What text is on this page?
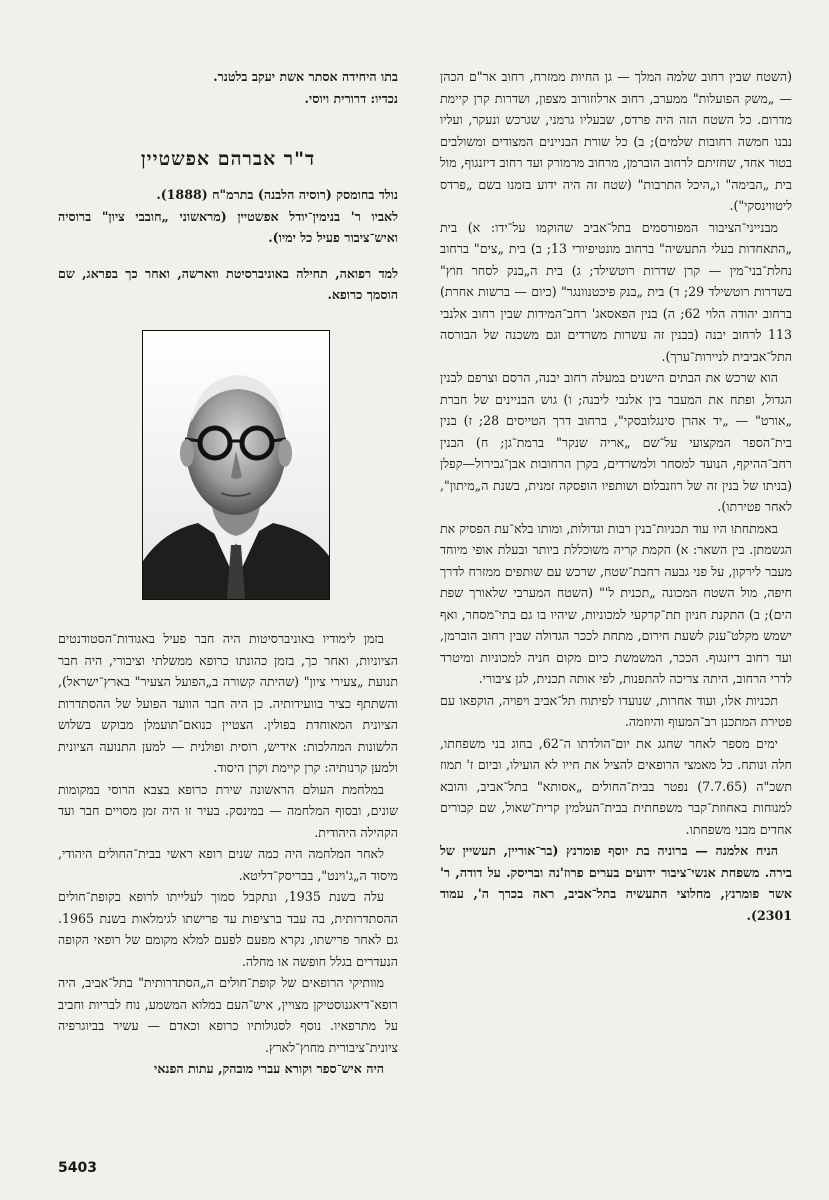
(השטח שבין רחוב שלמה המלך — גן החיות ממזרח, רחוב אר"ם הכהן — „משק הפועלות" ממערב, רחוב ארלוזורוב מצפון, ושדרות קרן קיימת מדרום. כל השטח הזה היה פרדס, שבעליו גרמני, שגרכש ונעקר, ועליו נבנו חמשה רחובות שלמים); ב) כל שורת הבניינים המצודים ומשולבים בטור אחד, שחזיתם לרחוב הוברמן, מרחוב מרמורק ועד רחוב דיזנגוף, מול בית „הבימה" ו„היכל התרבות" (שטח זה היה ידוע בזמנו בשם „פרדס ליטווינסקי").

מבנייני־הציבור המפורסמים בתל־אביב שהוקמו על־ידו: א) בית „התאחדות בעלי התעשיה" ברחוב מונטיפיורי 13; ב) בית „צים" ברחוב נחלת־בני־מין — קרן שדרות רוטשילד; ג) בית ה„בנק לסחר חוץ" בשדרות רוטשילד 29; ד) בית „בנק פיכטנוונגר" (כיום — ברשות אחרת) ברחוב יהודה הלוי 62; ה) בנין הפאסאג' רחב־המידות שבין רחוב אלנבי 113 לרחוב יבנה (בבנין זה עשרות משרדים וגם משכנה של הבורסה התל־אביבית לניירות־ערך).

הוא שרכש את הבתים הישנים במעלה רחוב יבנה, הרסם וצרפם לבנין הגדול, ופתח את המעבר בין אלנבי ליבנה; ו) גוש הבניינים של חברת „אורט" — „יד אהרן סינגלובסקי", ברחוב דרך הטייסים 28; ז) בנין בית־הספר המקצועי על־שם „אריה שנקר" ברמת־גן; ח) הבנין רחב־ההיקף, הנועד למסחר ולמשרדים, בקרן הרחובות אבן־גבירול—קפלן (בניתו של בנין זה של רוזנבלום ושותפיו הופסקה זמנית, בשנת ה„מיתון", לאחר פטירתו).

באמתחתו היו עוד תכניות־בנין רבות וגדולות, ומותו בלא־עת הפסיק את הגשמתן. בין השאר: א) הקמת קריה משוכללת ביותר ובעלת אופי מיוחד מעבר לירקון, על פני גבעה רחבת־שטח, שרכש עם שותפים ממזרח לדרך חיפה, מול השטח המכונה „תכנית ל'" (השטח המערבי שלאורך שפת הים); ב) התקנת חניון תת־קרקעי למכוניות, שיהיו בו גם בתי־מסחר, ואף ישמש מקלט־ענק לשעת חירום, מתחת לככר הגדולה שבין רחוב הוברמן, ועד רחוב דיזנגוף. הככר, המשמשת כיום מקום חניה למכוניות ומיטרד לדרי הרחוב, היתה צריכה להתפנות, לפי אותה תכנית, לגן ציבורי.

תכניות אלו, ועוד אחרות, שנועדו לפיתוח תל־אביב ויפויה, הוקפאו עם פטירת המתכנן רב־המעוף והיוזמה.

ימים מספר לאחר שחגג את יום־הולדתו ה־62, בחוג בני משפחתו, חלה ונותח. כל מאמצי הרופאים להציל את חייו לא הועילו, וביום ז' תמוז תשכ"ה (7.7.65) נפטר בבית־החולים „אסותא" בתל־אביב, והובא למנוחות באחוזת־קבר משפחתית בבית־העלמין קרית־שאול, שם קבורים אחדים מבני משפחתו.

הניח אלמנה — ברוניה בת יוסף פומרנץ (בר־אוריין, תעשיין של בירה. משפחת אנשי־ציבור ידועים בערים פרוז'נה ובריסק. על דודה, ר' אשר פומרנץ, מחלוצי התעשיה בתל־אביב, ראה בכרך ה', עמוד 2301).

בתו היחידה אסתר אשת יעקב בלטנר.

נכדיו: דרורית ויוסי.

ד"ר אברהם אפשטיין

נולד בחומסק (רוסיה הלבנה) בתרמ"ח (1888).

לאביו ר' בנימין־יודל אפשטיין (מראשוני „חובבי ציון" ברוסיה ואיש־ציבור פעיל כל ימיו).

למד רפואה, תחילה באוניברסיטת ווארשה, ואחר כך בפראג, שם הוסמך כרופא.

בזמן לימודיו באוניברסיטות היה חבר פעיל באגודות־הסטודנטים הציוניות, ואחר כך, בזמן כהונתו כרופא ממשלתי וציבורי, היה חבר תנועת „צעירי ציון" (שהיתה קשורה ב„הפועל הצעיר" בארץ־ישראל), והשתתף כציר בוועידותיה. כן היה חבר הוועד הפועל של ההסתדרות הציונית המאוחדת בפולין. הצטיין כנואם־תועמלן מבוקש בשלוש הלשונות המהלכות: אידיש, רוסית ופולנית — למען התנועה הציונית ולמען קרנותיה: קרן קיימת וקרן היסוד.

במלחמת העולם הראשונה שירת כרופא בצבא הרוסי במקומות שונים, ובסוף המלחמה — במינסק. בעיר זו היה זמן מסויים חבר ועד הקהילה היהודית.

לאחר המלחמה היה כמה שנים רופא ראשי בבית־החולים היהודי, מיסוד ה„ג'וינט", בבריסק־דליטא.

עלה בשנת 1935, ונתקבל סמוך לעלייתו לרופא בקופת־חולים ההסתדרותית, בה עבד ברציפות עד פרישתו לגימלאות בשנת 1965. גם לאחר פרישתו, נקרא מפעם לפעם למלא מקומם של רופאי הקופה הנעדרים בגלל חופשה או מחלה.

מוותיקי הרופאים של קופת־חולים ה„הסתדרותית" בתל־אביב, היה רופא־דיאגנוסטיקן מצויין, איש־העם במלוא המשמע, נוח לבריות וחביב על מתרפאיו. נוסף לסגולותיו כרופא וכאדם — עשיר בביוגרפיה ציונית־ציבורית מחוץ־לארץ.

היה איש־ספר וקורא עברי מובהק, עתות הפנאי

5403
